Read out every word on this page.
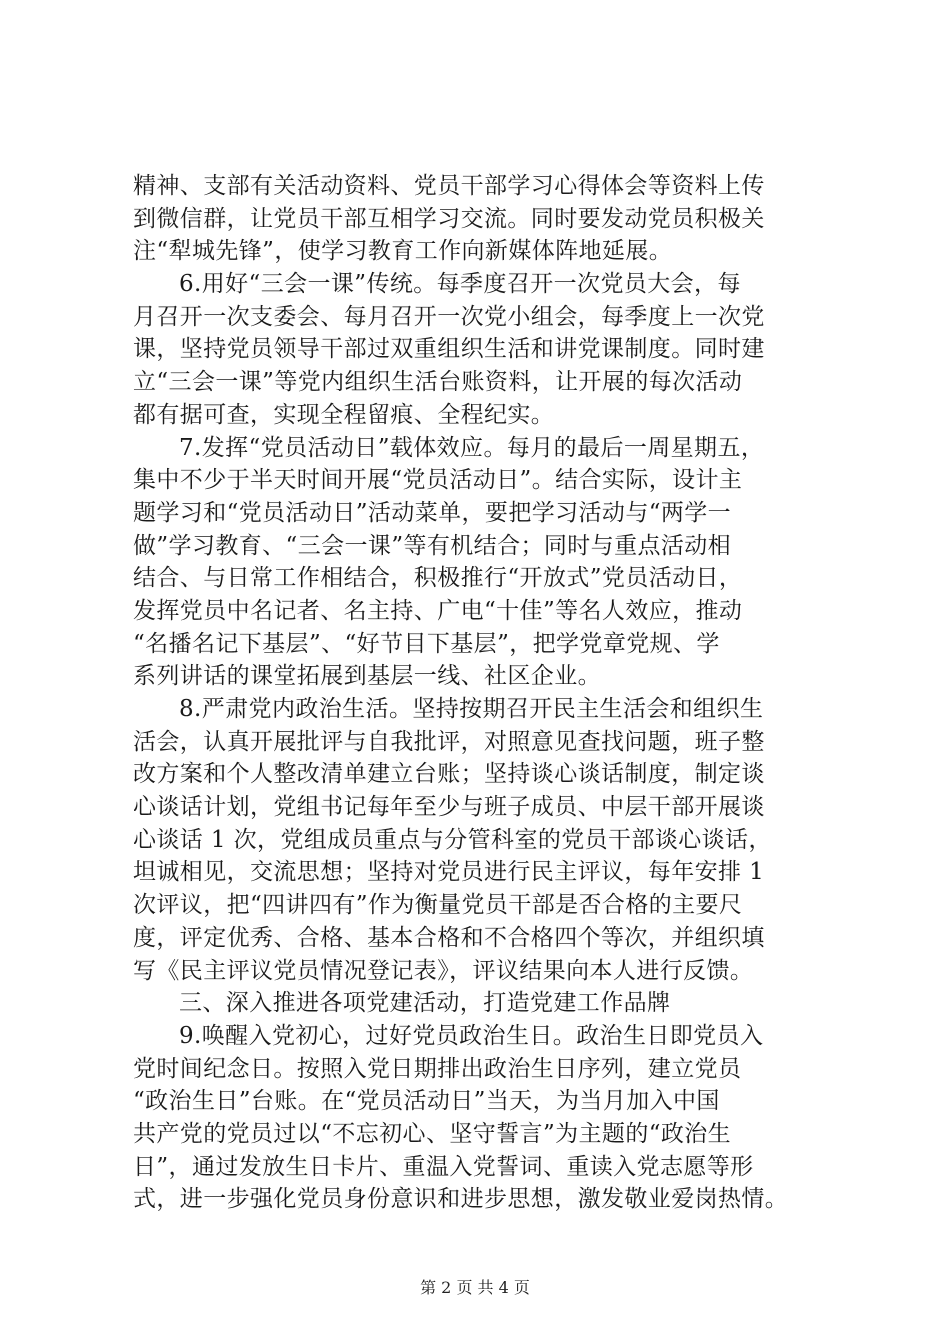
精神、支部有关活动资料、党员干部学习心得体会等资料上传
到微信群，让党员干部互相学习交流。同时要发动党员积极关
注“犁城先锋”，使学习教育工作向新媒体阵地延展。
6.用好“三会一课”传统。每季度召开一次党员大会，每
月召开一次支委会、每月召开一次党小组会，每季度上一次党
课，坚持党员领导干部过双重组织生活和讲党课制度。同时建
立“三会一课”等党内组织生活台账资料，让开展的每次活动
都有据可查，实现全程留痕、全程纪实。
7.发挥“党员活动日”载体效应。每月的最后一周星期五，
集中不少于半天时间开展“党员活动日”。结合实际，设计主
题学习和“党员活动日”活动菜单，要把学习活动与“两学一
做”学习教育、“三会一课”等有机结合；同时与重点活动相
结合、与日常工作相结合，积极推行“开放式”党员活动日，
发挥党员中名记者、名主持、广电“十佳”等名人效应，推动
“名播名记下基层”、“好节目下基层”，把学党章党规、学
系列讲话的课堂拓展到基层一线、社区企业。
8.严肃党内政治生活。坚持按期召开民主生活会和组织生
活会，认真开展批评与自我批评，对照意见查找问题，班子整
改方案和个人整改清单建立台账；坚持谈心谈话制度，制定谈
心谈话计划，党组书记每年至少与班子成员、中层干部开展谈
心谈话 1 次，党组成员重点与分管科室的党员干部谈心谈话，
坦诚相见，交流思想；坚持对党员进行民主评议，每年安排 1
次评议，把“四讲四有”作为衡量党员干部是否合格的主要尺
度，评定优秀、合格、基本合格和不合格四个等次，并组织填
写《民主评议党员情况登记表》，评议结果向本人进行反馈。
三、深入推进各项党建活动，打造党建工作品牌
9.唤醒入党初心，过好党员政治生日。政治生日即党员入
党时间纪念日。按照入党日期排出政治生日序列，建立党员
“政治生日”台账。在“党员活动日”当天，为当月加入中国
共产党的党员过以“不忘初心、坚守誓言”为主题的“政治生
日”，通过发放生日卡片、重温入党誓词、重读入党志愿等形
式，进一步强化党员身份意识和进步思想，激发敬业爱岗热情。
第 2 页 共 4 页
